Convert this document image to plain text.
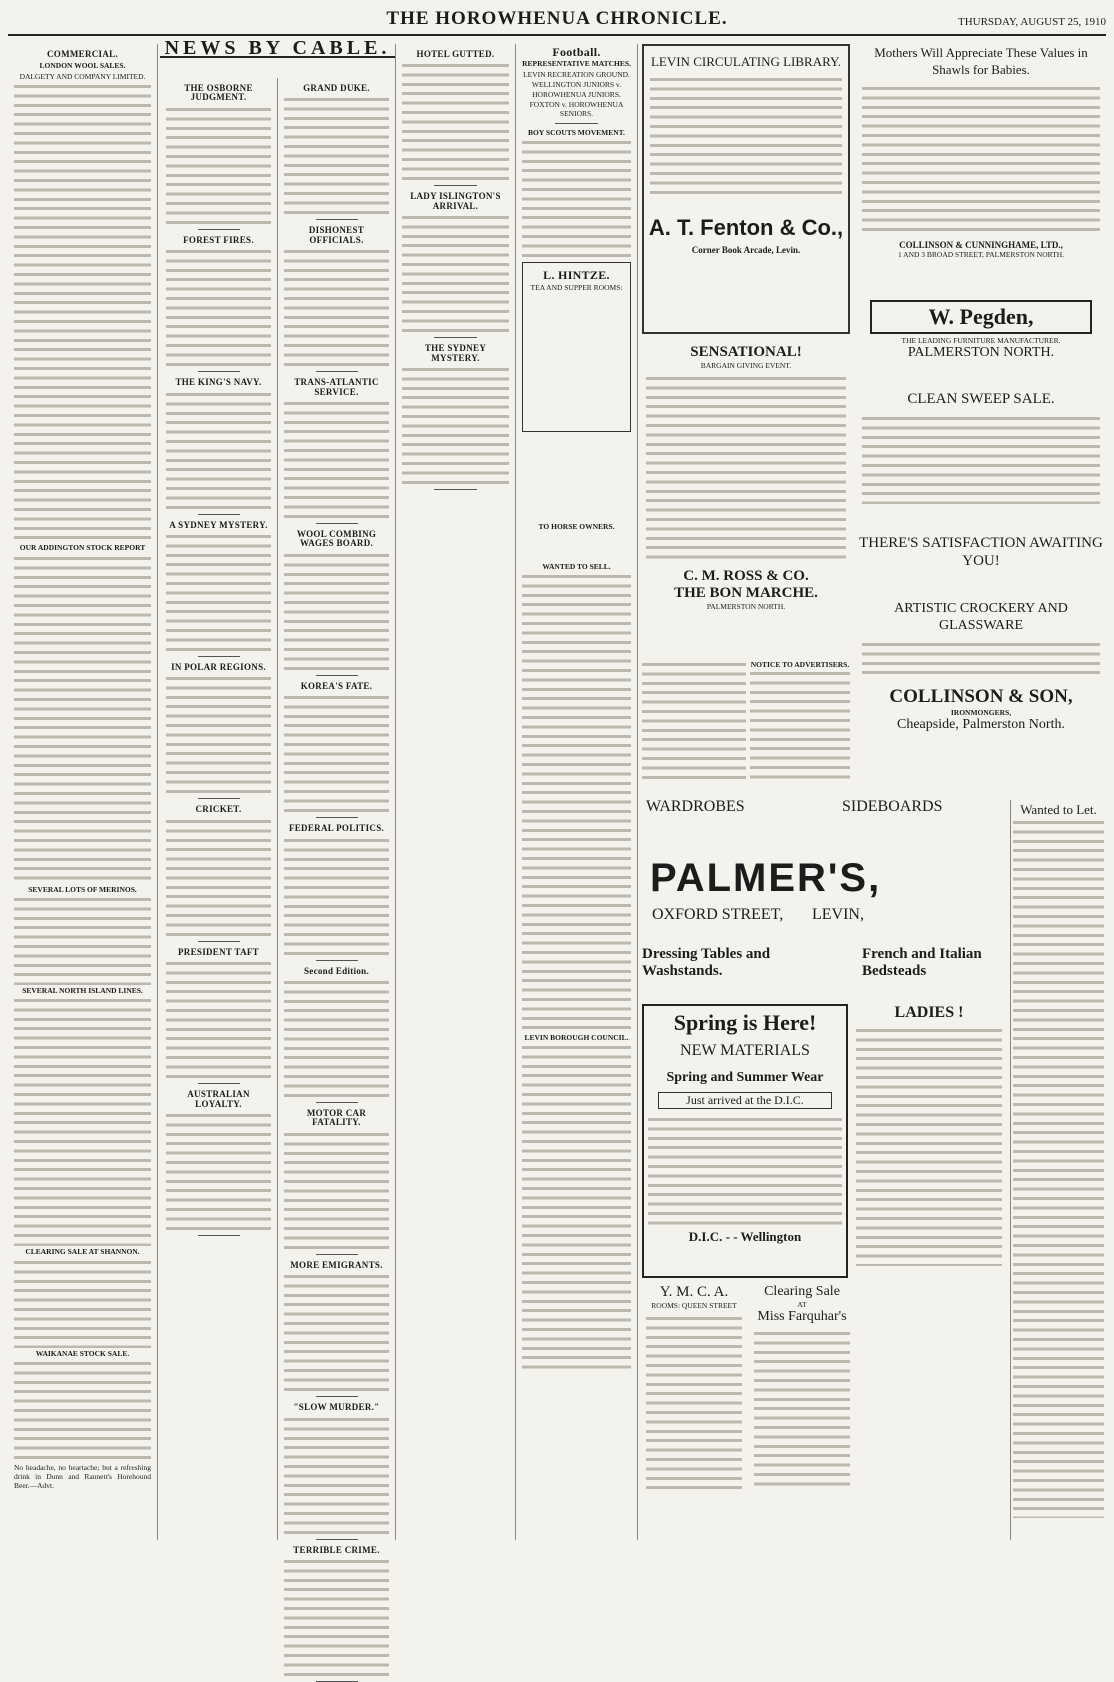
THE HOROWHENUA CHRONICLE.	THURSDAY, AUGUST 25, 1910
COMMERCIAL.
LONDON WOOL SALES.
DALGETY AND COMPANY LIMITED.
OUR ADDINGTON STOCK REPORT
SEVERAL LOTS OF MERINOS.
SEVERAL NORTH ISLAND LINES.
CLEARING SALE AT SHANNON.
WAIKANAE STOCK SALE.
No headache, no heartache; but a refreshing drink in Dunn and Rannett's Horehound Beer.—Advt.
NEWS BY CABLE.
THE OSBORNE JUDGMENT.
FOREST FIRES.
THE KING'S NAVY.
A SYDNEY MYSTERY.
IN POLAR REGIONS.
CRICKET.
PRESIDENT TAFT
AUSTRALIAN LOYALTY.
GRAND DUKE.
DISHONEST OFFICIALS.
TRANS-ATLANTIC SERVICE.
WOOL COMBING WAGES BOARD.
KOREA'S FATE.
FEDERAL POLITICS.
Second Edition.
MOTOR CAR FATALITY.
MORE EMIGRANTS.
"SLOW MURDER."
TERRIBLE CRIME.
HOTEL GUTTED.
LADY ISLINGTON'S ARRIVAL.
THE SYDNEY MYSTERY.
Football.
REPRESENTATIVE MATCHES.
LEVIN RECREATION GROUND.
WELLINGTON JUNIORS v. HOROWHENUA JUNIORS.
FOXTON v. HOROWHENUA SENIORS.
BOY SCOUTS MOVEMENT.
L. HINTZE.
TEA AND SUPPER ROOMS:
TO HORSE OWNERS.
WANTED TO SELL.
LEVIN BOROUGH COUNCIL.
LEVIN CIRCULATING LIBRARY.
A. T. Fenton & Co.,
Corner Book Arcade, Levin.
SENSATIONAL!
BARGAIN GIVING EVENT.
C. M. ROSS & CO.
THE BON MARCHE.
PALMERSTON NORTH.
Mothers Will Appreciate These Values in Shawls for Babies.
COLLINSON & CUNNINGHAME, LTD.,
1 AND 3 BROAD STREET, PALMERSTON NORTH.
W. Pegden,
THE LEADING FURNITURE MANUFACTURER.
PALMERSTON NORTH.
CLEAN SWEEP SALE.
THERE'S SATISFACTION AWAITING YOU!
ARTISTIC CROCKERY AND GLASSWARE
COLLINSON & SON,
IRONMONGERS,
Cheapside, Palmerston North.
NOTICE TO ADVERTISERS.
WARDROBES	SIDEBOARDS
PALMER'S,
OXFORD STREET, LEVIN,
Dressing Tables and Washstands.
French and Italian Bedsteads
Wanted to Let.
Spring is Here!
NEW MATERIALS
Spring and Summer Wear
Just arrived at the D.I.C.
D.I.C. - - Wellington
LADIES !
Y. M. C. A.
ROOMS: QUEEN STREET
Clearing Sale
AT
Miss Farquhar's
